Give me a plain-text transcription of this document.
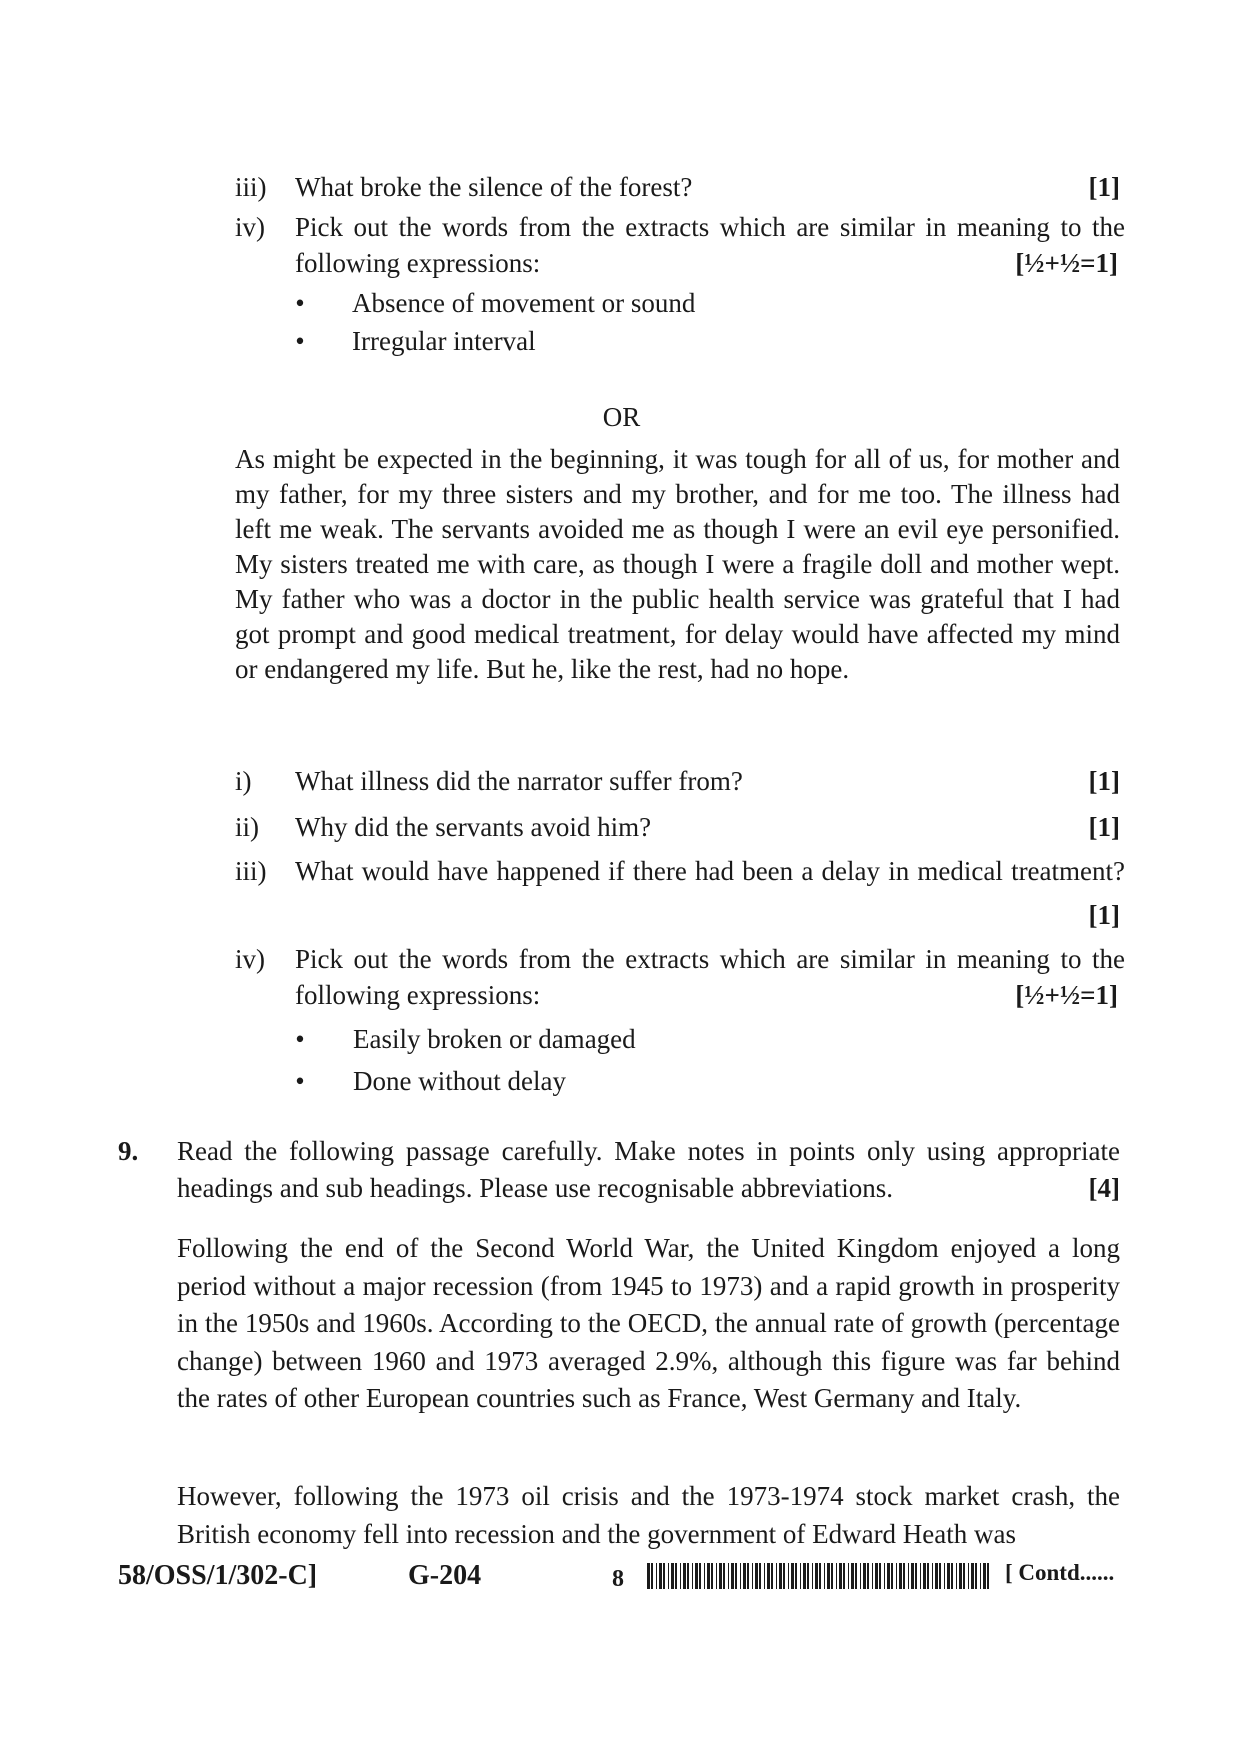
iii)	What broke the silence of the forest?	[1]
iv)	Pick out the words from the extracts which are similar in meaning to the
following expressions:	[½+½=1]
• Absence of movement or sound
• Irregular interval
OR

As might be expected in the beginning, it was tough for all of us, for mother and my father, for my three sisters and my brother, and for me too. The illness had left me weak. The servants avoided me as though I were an evil eye personified. My sisters treated me with care, as though I were a fragile doll and mother wept. My father who was a doctor in the public health service was grateful that I had got prompt and good medical treatment, for delay would have affected my mind or endangered my life. But he, like the rest, had no hope.

i)	What illness did the narrator suffer from?	[1]
ii)	Why did the servants avoid him?	[1]
iii)	What would have happened if there had been a delay in medical treatment?
[1]
iv)	Pick out the words from the extracts which are similar in meaning to the
following expressions:	[½+½=1]
• Easily broken or damaged
• Done without delay
9.	Read the following passage carefully. Make notes in points only using appropriate
headings and sub headings. Please use recognisable abbreviations.	[4]

Following the end of the Second World War, the United Kingdom enjoyed a long period without a major recession (from 1945 to 1973) and a rapid growth in prosperity in the 1950s and 1960s. According to the OECD, the annual rate of growth (percentage change) between 1960 and 1973 averaged 2.9%, although this figure was far behind the rates of other European countries such as France, West Germany and Italy.

However, following the 1973 oil crisis and the 1973-1974 stock market crash, the British economy fell into recession and the government of Edward Heath was

58/OSS/1/302-C]	G-204	8	[ Contd......
